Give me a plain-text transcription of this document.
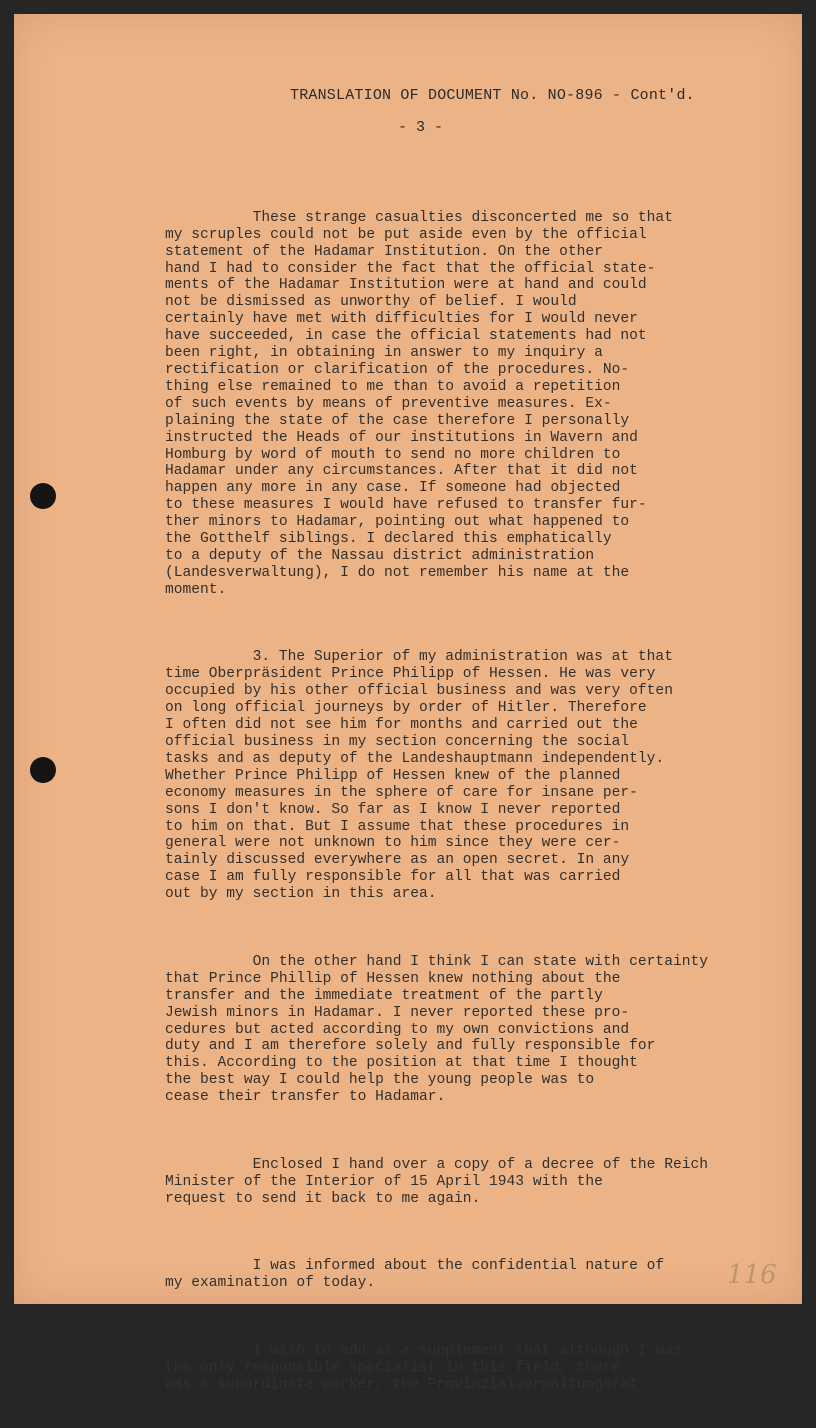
TRANSLATION OF DOCUMENT No. NO-896 - Cont'd.
- 3 -

These strange casualties disconcerted me so that
my scruples could not be put aside even by the official
statement of the Hadamar Institution. On the other
hand I had to consider the fact that the official state-
ments of the Hadamar Institution were at hand and could
not be dismissed as unworthy of belief. I would
certainly have met with difficulties for I would never
have succeeded, in case the official statements had not
been right, in obtaining in answer to my inquiry a
rectification or clarification of the procedures. No-
thing else remained to me than to avoid a repetition
of such events by means of preventive measures. Ex-
plaining the state of the case therefore I personally
instructed the Heads of our institutions in Wavern and
Homburg by word of mouth to send no more children to
Hadamar under any circumstances. After that it did not
happen any more in any case. If someone had objected
to these measures I would have refused to transfer fur-
ther minors to Hadamar, pointing out what happened to
the Gotthelf siblings. I declared this emphatically
to a deputy of the Nassau district administration
(Landesverwaltung), I do not remember his name at the
moment.

3. The Superior of my administration was at that
time Oberpräsident Prince Philipp of Hessen. He was very
occupied by his other official business and was very often
on long official journeys by order of Hitler. Therefore
I often did not see him for months and carried out the
official business in my section concerning the social
tasks and as deputy of the Landeshauptmann independently.
Whether Prince Philipp of Hessen knew of the planned
economy measures in the sphere of care for insane per-
sons I don't know. So far as I know I never reported
to him on that. But I assume that these procedures in
general were not unknown to him since they were cer-
tainly discussed everywhere as an open secret. In any
case I am fully responsible for all that was carried
out by my section in this area.

On the other hand I think I can state with certainty
that Prince Phillip of Hessen knew nothing about the
transfer and the immediate treatment of the partly
Jewish minors in Hadamar. I never reported these pro-
cedures but acted according to my own convictions and
duty and I am therefore solely and fully responsible for
this. According to the position at that time I thought
the best way I could help the young people was to
cease their transfer to Hadamar.

Enclosed I hand over a copy of a decree of the Reich
Minister of the Interior of 15 April 1943 with the
request to send it back to me again.

I was informed about the confidential nature of
my examination of today.

I wish to add as a supplement that although I was
the only responsible specialist in this field, there
was a subordinate worker, the Provinzialverwaltungsrat

116
